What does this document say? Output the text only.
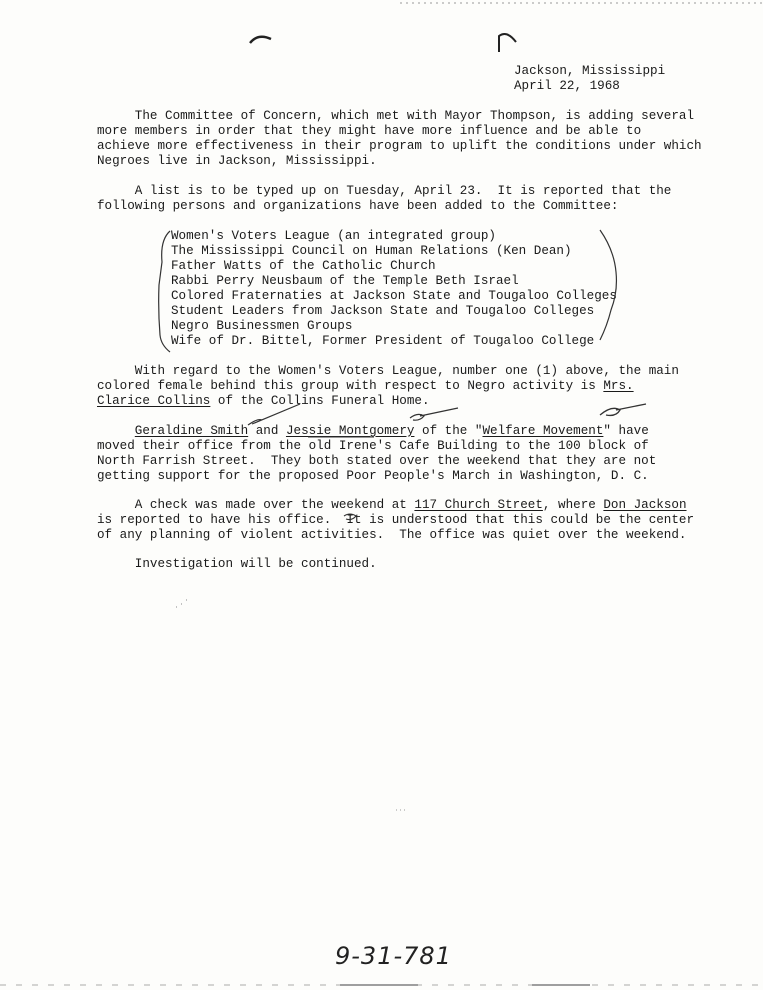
Jackson, Mississippi
April 22, 1968
The Committee of Concern, which met with Mayor Thompson, is adding several
more members in order that they might have more influence and be able to
achieve more effectiveness in their program to uplift the conditions under which
Negroes live in Jackson, Mississippi.
A list is to be typed up on Tuesday, April 23.  It is reported that the
following persons and organizations have been added to the Committee:
Women's Voters League (an integrated group)
The Mississippi Council on Human Relations (Ken Dean)
Father Watts of the Catholic Church
Rabbi Perry Neusbaum of the Temple Beth Israel
Colored Fraternaties at Jackson State and Tougaloo Colleges
Student Leaders from Jackson State and Tougaloo Colleges
Negro Businessmen Groups
Wife of Dr. Bittel, Former President of Tougaloo College
With regard to the Women's Voters League, number one (1) above, the main
colored female behind this group with respect to Negro activity is Mrs.
Clarice Collins of the Collins Funeral Home.
Geraldine Smith and Jessie Montgomery of the "Welfare Movement" have
moved their office from the old Irene's Cafe Building to the 100 block of
North Farrish Street.  They both stated over the weekend that they are not
getting support for the proposed Poor People's March in Washington, D. C.
A check was made over the weekend at 117 Church Street, where Don Jackson
is reported to have his office.  It is understood that this could be the center
of any planning of violent activities.  The office was quiet over the weekend.
Investigation will be continued.
9-31-781
